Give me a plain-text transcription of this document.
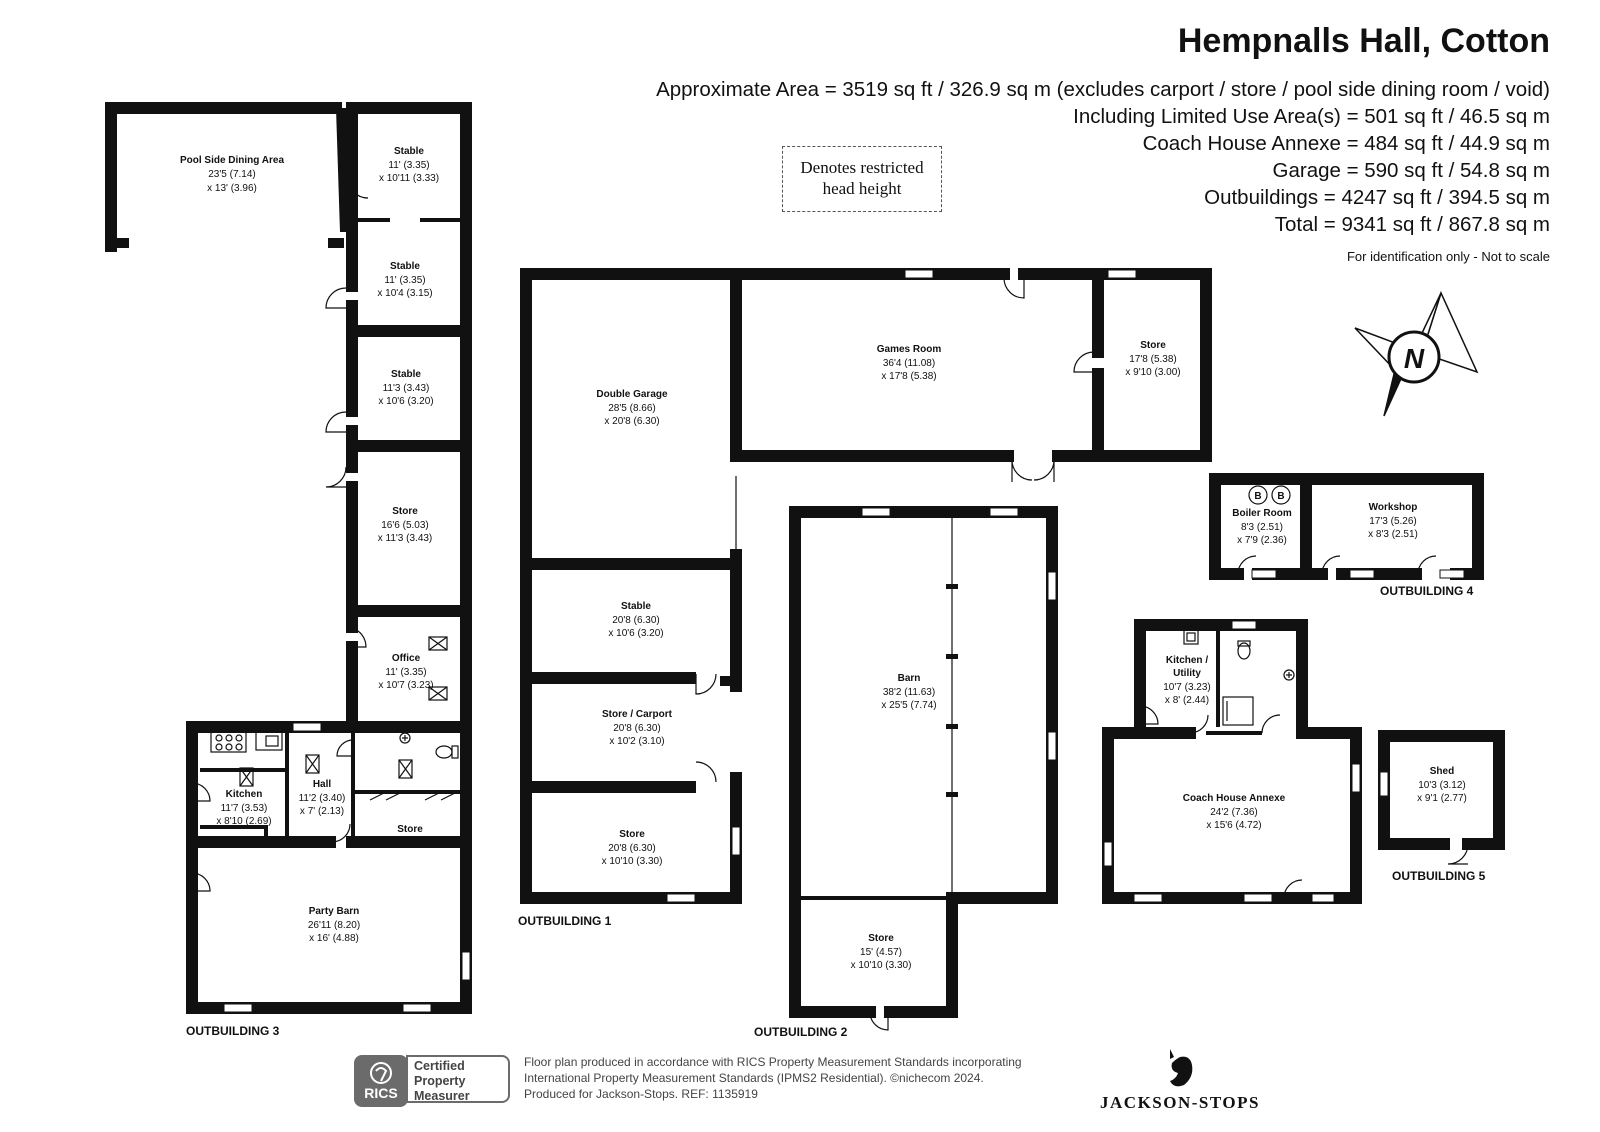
B B
N
Pool Side Dining Area
23'5 (7.14)
x 13' (3.96)
Stable
11' (3.35)
x 10'11 (3.33)
Stable
11' (3.35)
x 10'4 (3.15)
Stable
11'3 (3.43)
x 10'6 (3.20)
Store
16'6 (5.03)
x 11'3 (3.43)
Office
11' (3.35)
x 10'7 (3.23)
Kitchen
11'7 (3.53)
x 8'10 (2.69)
Hall
11'2 (3.40)
x 7' (2.13)
Store
Party Barn
26'11 (8.20)
x 16' (4.88)
Double Garage
28'5 (8.66)
x 20'8 (6.30)
Stable
20'8 (6.30)
x 10'6 (3.20)
Store / Carport
20'8 (6.30)
x 10'2 (3.10)
Store
20'8 (6.30)
x 10'10 (3.30)
Games Room
36'4 (11.08)
x 17'8 (5.38)
Store
17'8 (5.38)
x 9'10 (3.00)
Barn
38'2 (11.63)
x 25'5 (7.74)
Store
15' (4.57)
x 10'10 (3.30)
Boiler Room
8'3 (2.51)
x 7'9 (2.36)
Workshop
17'3 (5.26)
x 8'3 (2.51)
Kitchen /
Utility
10'7 (3.23)
x 8' (2.44)
Coach House Annexe
24'2 (7.36)
x 15'6 (4.72)
Shed
10'3 (3.12)
x 9'1 (2.77)
OUTBUILDING 3
OUTBUILDING 1
OUTBUILDING 2
OUTBUILDING 4
OUTBUILDING 5
Hempnalls Hall, Cotton
Approximate Area = 3519 sq ft / 326.9 sq m (excludes carport / store / pool side dining room / void)
Including Limited Use Area(s) = 501 sq ft / 46.5 sq m
Coach House Annexe = 484 sq ft / 44.9 sq m
Garage = 590 sq ft / 54.8 sq m
Outbuildings = 4247 sq ft / 394.5 sq m
Total = 9341 sq ft / 867.8 sq m
For identification only - Not to scale
Denotes restricted
head height
RICS
Certified
Property
Measurer
Floor plan produced in accordance with RICS Property Measurement Standards incorporating
International Property Measurement Standards (IPMS2 Residential). ©nichecom 2024.
Produced for Jackson-Stops. REF: 1135919	JACKSON-STOPS
